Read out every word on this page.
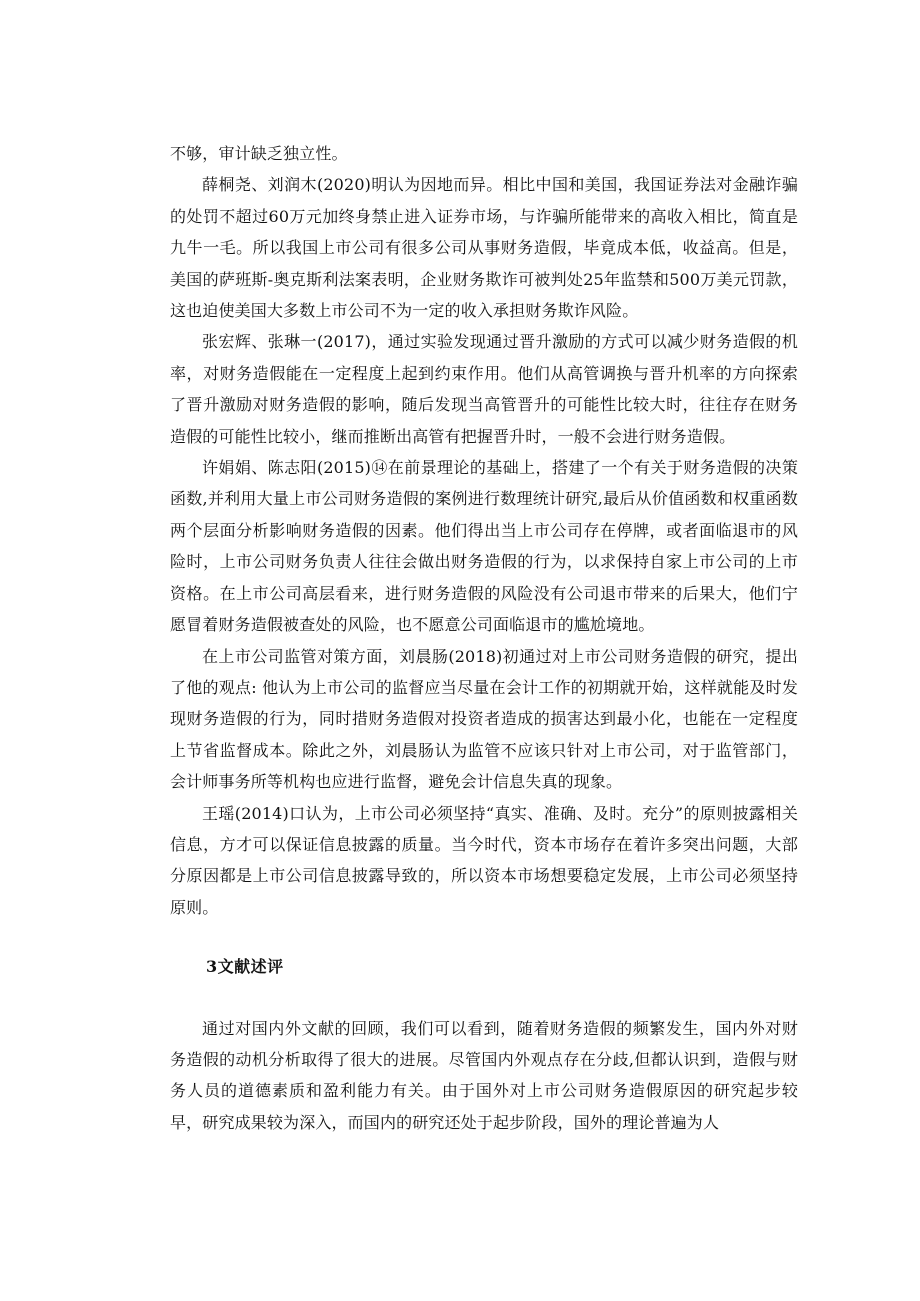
不够，审计缺乏独立性。

薛桐尧、刘润木(2020)明认为因地而异。相比中国和美国，我国证券法对金融诈骗的处罚不超过60万元加终身禁止进入证券市场，与诈骗所能带来的高收入相比，简直是九牛一毛。所以我国上市公司有很多公司从事财务造假，毕竟成本低，收益高。但是，美国的萨班斯-奥克斯利法案表明，企业财务欺诈可被判处25年监禁和500万美元罚款，这也迫使美国大多数上市公司不为一定的收入承担财务欺诈风险。

张宏辉、张琳一(2017)，通过实验发现通过晋升激励的方式可以减少财务造假的机率，对财务造假能在一定程度上起到约束作用。他们从高管调换与晋升机率的方向探索了晋升激励对财务造假的影响，随后发现当高管晋升的可能性比较大时，往往存在财务造假的可能性比较小，继而推断出高管有把握晋升时，一般不会进行财务造假。

许娟娟、陈志阳(2015)⑭在前景理论的基础上，搭建了一个有关于财务造假的决策函数,并利用大量上市公司财务造假的案例进行数理统计研究,最后从价值函数和权重函数两个层面分析影响财务造假的因素。他们得出当上市公司存在停牌，或者面临退市的风险时，上市公司财务负责人往往会做出财务造假的行为，以求保持自家上市公司的上市资格。在上市公司高层看来，进行财务造假的风险没有公司退市带来的后果大，他们宁愿冒着财务造假被查处的风险，也不愿意公司面临退市的尴尬境地。

在上市公司监管对策方面，刘晨肠(2018)初通过对上市公司财务造假的研究，提出了他的观点: 他认为上市公司的监督应当尽量在会计工作的初期就开始，这样就能及时发现财务造假的行为，同时措财务造假对投资者造成的损害达到最小化，也能在一定程度上节省监督成本。除此之外，刘晨肠认为监管不应该只针对上市公司，对于监管部门，会计师事务所等机构也应进行监督，避免会计信息失真的现象。

王瑶(2014)口认为，上市公司必须坚持“真实、准确、及时。充分”的原则披露相关信息，方才可以保证信息披露的质量。当今时代，资本市场存在着许多突出问题，大部分原因都是上市公司信息披露导致的，所以资本市场想要稳定发展，上市公司必须坚持原则。

3文献述评

通过对国内外文献的回顾，我们可以看到，随着财务造假的频繁发生，国内外对财务造假的动机分析取得了很大的进展。尽管国内外观点存在分歧,但都认识到，造假与财务人员的道德素质和盈利能力有关。由于国外对上市公司财务造假原因的研究起步较早，研究成果较为深入，而国内的研究还处于起步阶段，国外的理论普遍为人
